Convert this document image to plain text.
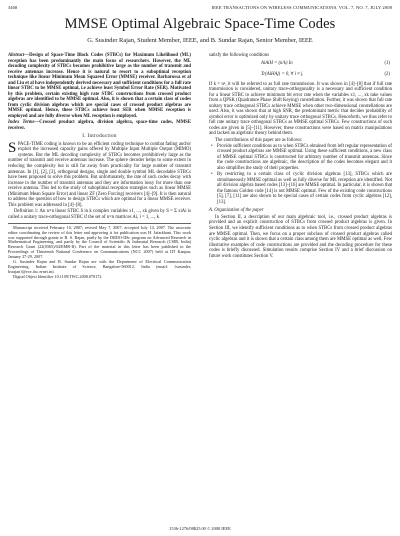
3468	IEEE TRANSACTIONS ON WIRELESS COMMUNICATIONS, VOL. 7, NO. 7, JULY 2008
MMSE Optimal Algebraic Space-Time Codes
G. Susinder Rajan, Student Member, IEEE, and B. Sundar Rajan, Senior Member, IEEE

Abstract—Design of Space-Time Block Codes (STBCs) for Maximum Likelihood (ML) reception has been predominantly the main focus of researchers. However, the ML decoding complexity of STBCs becomes prohibitive large as the number of transmit and receive antennas increase. Hence it is natural to resort to a suboptimal reception technique like linear Minimum Mean Squared Error (MMSE) receiver. Barbarossa et al and Liu et al have independently derived necessary and sufficient conditions for a full rate linear STBC to be MMSE optimal, i.e achieve least Symbol Error Rate (SER). Motivated by this problem, certain existing high rate STBC constructions from crossed product algebras are identified to be MMSE optimal. Also, it is shown that a certain class of codes from cyclic division algebras which are special cases of crossed product algebras are MMSE optimal. Hence, these STBCs achieve least SER when MMSE reception is employed and are fully diverse when ML reception is employed.

Index Terms—Crossed product algebra, division algebra, space-time codes, MMSE receiver.

I. Introduction

SPACE-TIME coding is known to be an efficient coding technique to combat fading and/or exploit the increased capacity gains offered by Multiple Input Multiple Output (MIMO) systems. But the ML decoding complexity of STBCs becomes prohibitively large as the number of transmit and receive antennas increase. The sphere decoder helps to some extent in reducing the complexity but is still far away from practicality for large number of transmit antennas. In [1], [2], [3], orthogonal designs, single and double symbol ML decodable STBCs have been proposed to solve this problem. But unfortunately, the rate of such codes decay with increase in the number of transmit antennas and they are information lossy for more than one receive antenna. This led to the study of suboptimal reception strategies such as linear MMSE (Minimum Mean Square Error) and linear ZF (Zero Forcing) receivers [4]–[9]. It is then natural to address the question of how to design STBCs which are optimal for a linear MMSE receiver. This problem was addressed in [4]–[8].

Definition 1: An n×n linear STBC S in k complex variables x1, ..., xk given by S = Σ xiAi is called a unitary trace-orthogonal STBC if the set of n×n matrices Ai, i = 1, ..., k

Manuscript received February 10, 2007; revised May 7, 2007; accepted July 14, 2007. The associate editor coordinating the review of this letter and approving it for publication was H. Jafarkhani. This work was supported through grants to B. S. Rajan, partly by the DRDO-IISc program on Advanced Research in Mathematical Engineering, and partly by the Council of Scientific & Industrial Research (CSIR, India) Research Grant (22(0365)/04/EMR-II). Part of the material in this letter has been published in the Proceedings of Thirteenth National Conference on Communications (NCC 2007) held at IIT Kanpur, January 27-29, 2007.

G. Susinder Rajan and B. Sundar Rajan are with the Department of Electrical Communication Engineering, Indian Institute of Science, Bangalore-560012, India (email: {susinder, bsrajan}@ece.iisc.ernet.in).

Digital Object Identifier 10.1109/TWC.2008.070172

satisfy the following conditions

AiAiH = (n/k) In	(1)
Tr(AiHAj) = 0, ∀ i ≠ j.	(2)

If k = n², it will be referred to as full rate transmission. It was shown in [4]–[8] that if full rate transmission is considered, unitary trace-orthogonality is a necessary and sufficient condition for a linear STBC to achieve minimum bit error rate when the variables x1, ..., xk take values from a QPSK (Quadrature Phase Shift Keying) constellation. Further, it was shown that full rate unitary trace orthogonal STBCs achieve MMSE when other two-dimensional constellations are used. Also, it was shown that at high SNR, the predominant metric that decides probability of symbol error is optimized only by unitary trace orthogonal STBCs. Henceforth, we thus refer to full rate unitary trace orthogonal STBCs as MMSE optimal STBCs. Few constructions of such codes are given in [5]–[11]. However, these constructions were based on matrix manipulations and lacked an algebraic theory behind them.

The contributions of this paper are as follows:

• Provide sufficient conditions as to when STBCs obtained from left regular representation of crossed product algebras are MMSE optimal. Using these sufficient conditions, a new class of MMSE optimal STBCs is constructed for arbitrary number of transmit antennas. Since the code constructions are algebraic, the description of the codes becomes elegant and it also simplifies the study of their properties.
• By restricting to a certain class of cyclic division algebras [13], STBCs which are simultaneously MMSE optimal as well as fully diverse for ML reception are identified. Not all division algebra based codes [13]–[16] are MMSE optimal. In particular, it is shown that the famous Golden code [14] is not MMSE optimal. Few of the existing code constructions [5], [7], [11] are also shown to be special cases of certain codes from cyclic algebras [12], [13].
A. Organization of the paper

In Section II, a description of our main algebraic tool, i.e., crossed product algebras is provided and an explicit construction of STBCs from crossed product algebras is given. In Section III, we identify sufficient conditions as to when STBCs from crossed product algebras are MMSE optimal. Then, we focus on a proper subclass of crossed product algebras called cyclic algebras and it is shown that a certain class among them are MMSE optimal as well. Few illustrative examples of code constructions are provided and the decoding procedure for these codes is briefly discussed. Simulation results comprise Section IV and a brief discussion on future work constitutes Section V.

1536-1276/08$25.00 © 2008 IEEE
